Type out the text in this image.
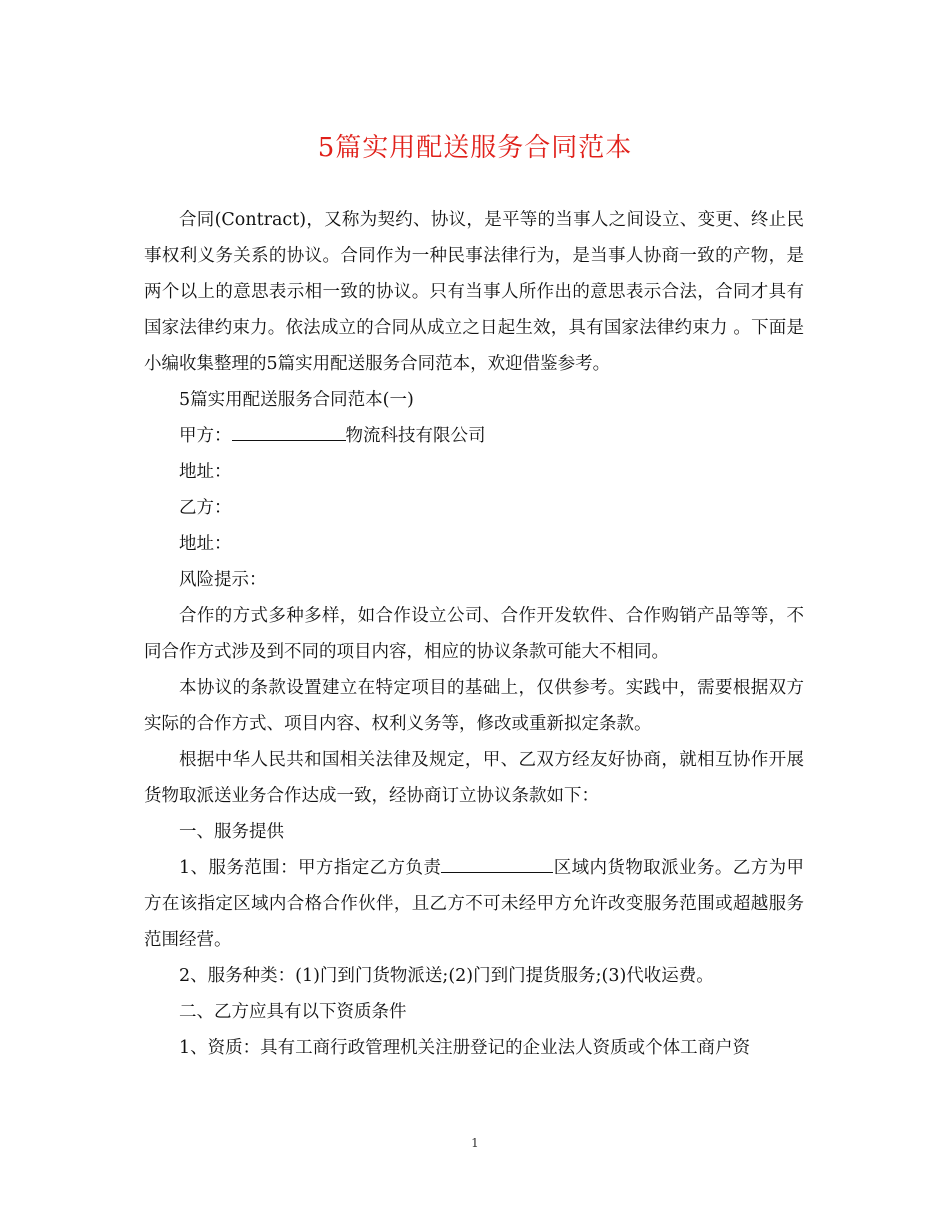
5篇实用配送服务合同范本

合同(Contract)，又称为契约、协议，是平等的当事人之间设立、变更、终止民事权利义务关系的协议。合同作为一种民事法律行为，是当事人协商一致的产物，是两个以上的意思表示相一致的协议。只有当事人所作出的意思表示合法，合同才具有国家法律约束力。依法成立的合同从成立之日起生效，具有国家法律约束力 。下面是小编收集整理的5篇实用配送服务合同范本，欢迎借鉴参考。

5篇实用配送服务合同范本(一)

甲方：	物流科技有限公司

地址：

乙方：

地址：

风险提示：

合作的方式多种多样，如合作设立公司、合作开发软件、合作购销产品等等，不同合作方式涉及到不同的项目内容，相应的协议条款可能大不相同。

本协议的条款设置建立在特定项目的基础上，仅供参考。实践中，需要根据双方实际的合作方式、项目内容、权利义务等，修改或重新拟定条款。

根据中华人民共和国相关法律及规定，甲、乙双方经友好协商，就相互协作开展货物取派送业务合作达成一致，经协商订立协议条款如下：

一、服务提供

1、服务范围：甲方指定乙方负责	区域内货物取派业务。乙方为甲方在该指定区域内合格合作伙伴，且乙方不可未经甲方允许改变服务范围或超越服务范围经营。

2、服务种类：(1)门到门货物派送;(2)门到门提货服务;(3)代收运费。

二、乙方应具有以下资质条件

1、资质：具有工商行政管理机关注册登记的企业法人资质或个体工商户资

1
